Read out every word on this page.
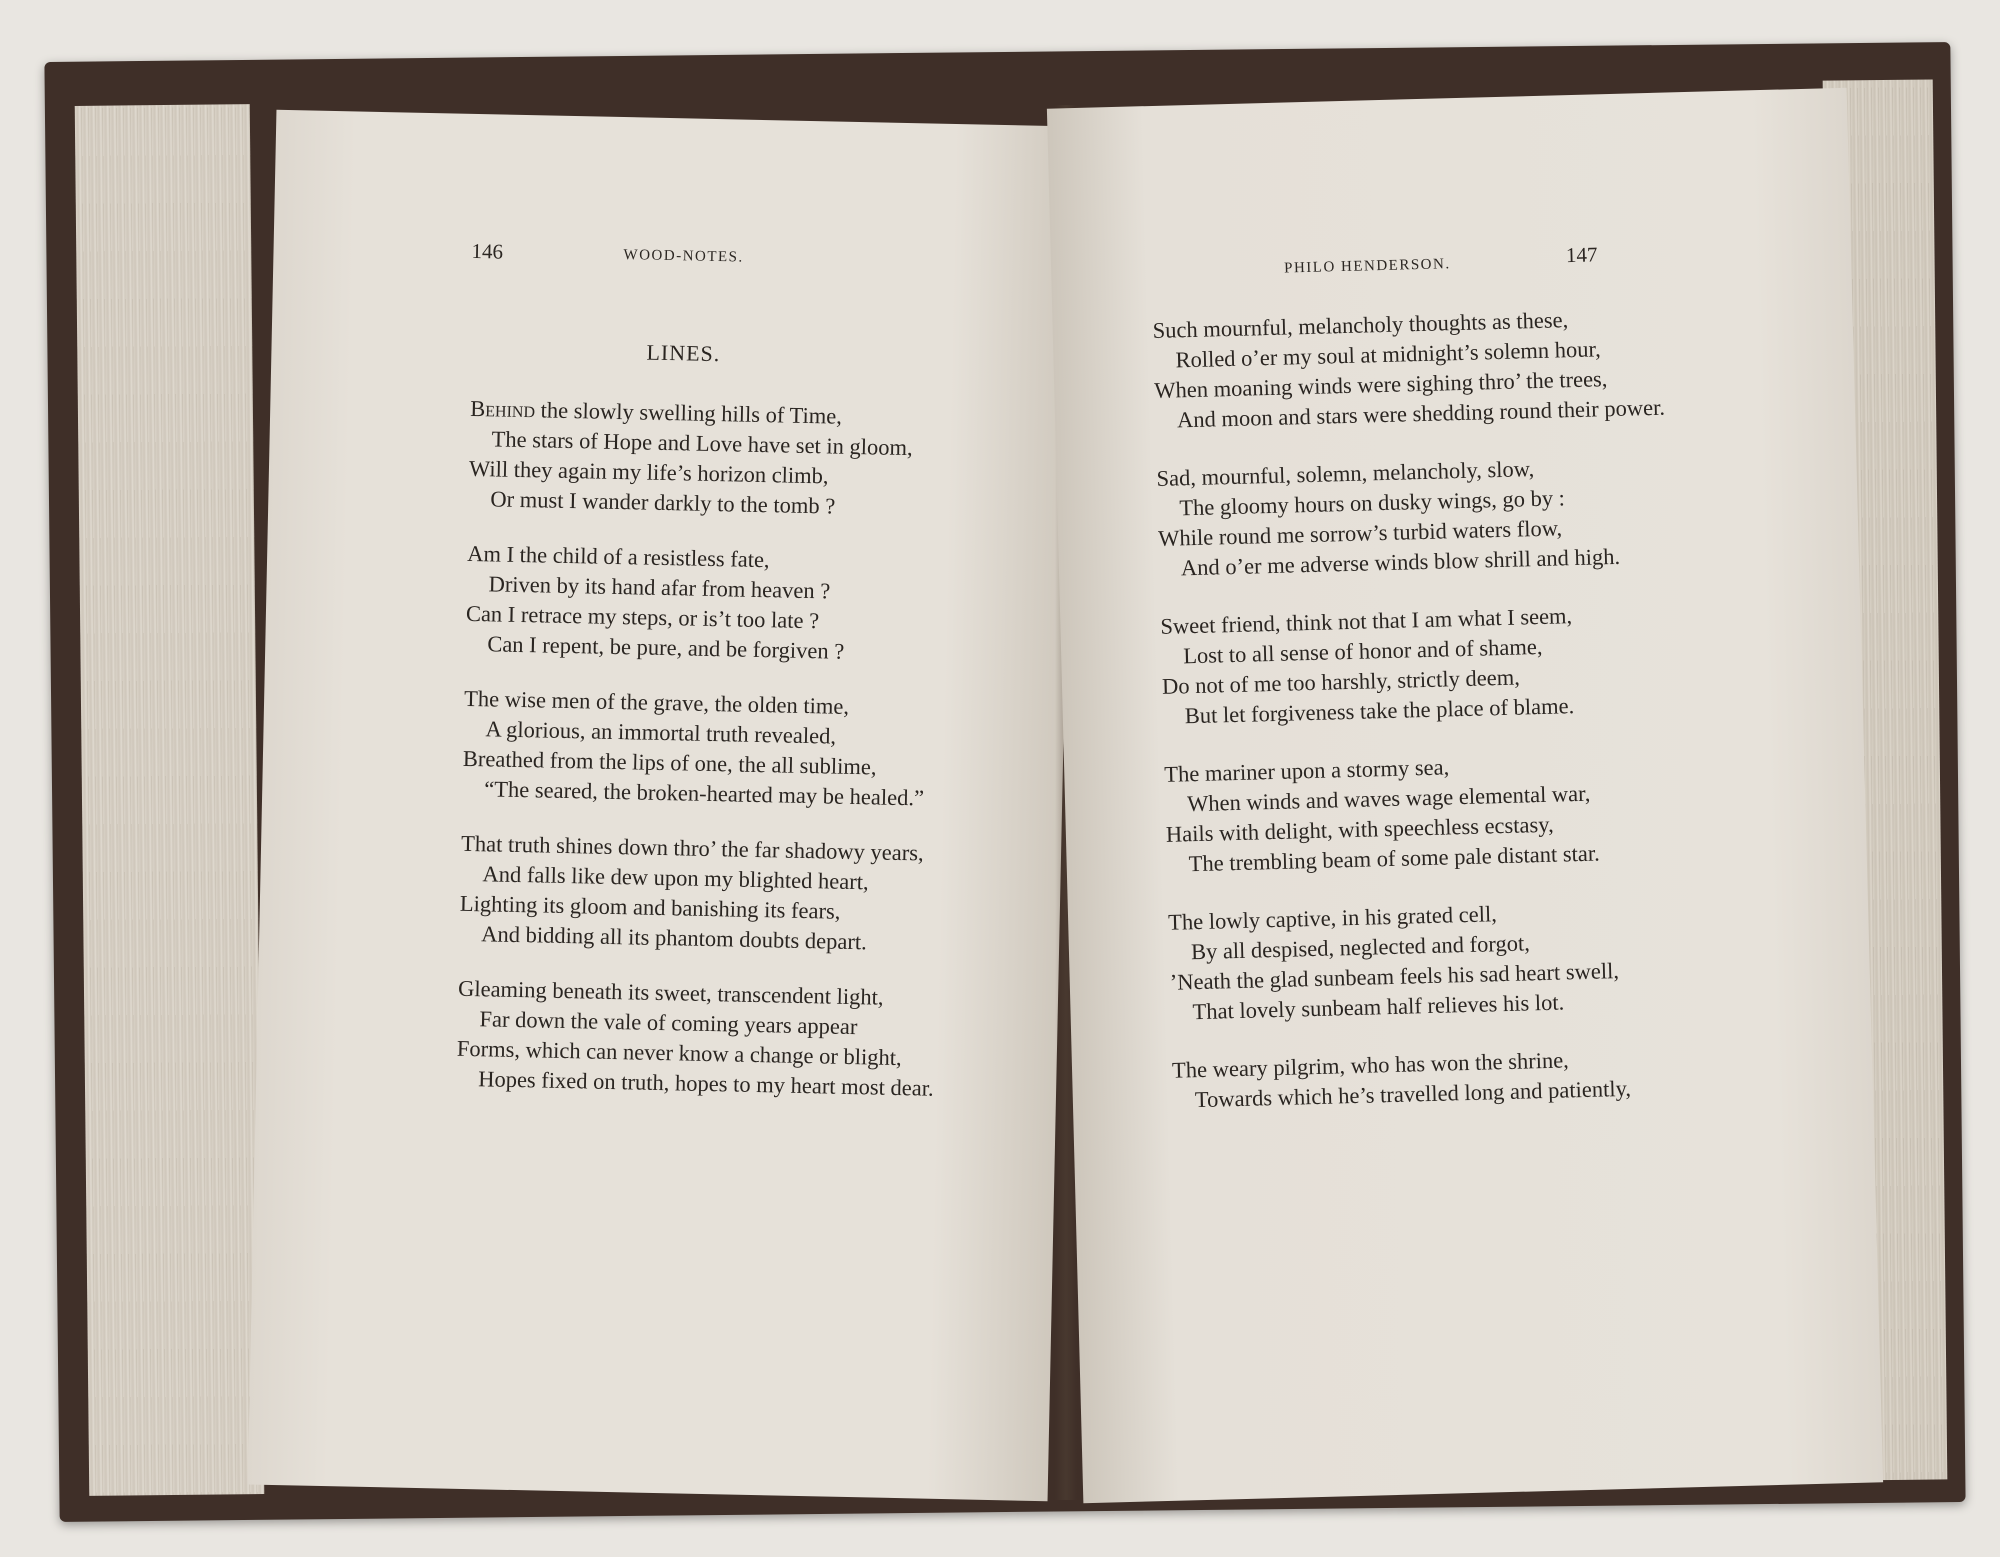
146	WOOD-NOTES.
LINES.
Behind the slowly swelling hills of Time,
The stars of Hope and Love have set in gloom,
Will they again my life’s horizon climb,
Or must I wander darkly to the tomb ?
Am I the child of a resistless fate,
Driven by its hand afar from heaven ?
Can I retrace my steps, or is’t too late ?
Can I repent, be pure, and be forgiven ?
The wise men of the grave, the olden time,
A glorious, an immortal truth revealed,
Breathed from the lips of one, the all sublime,
“The seared, the broken-hearted may be healed.”
That truth shines down thro’ the far shadowy years,
And falls like dew upon my blighted heart,
Lighting its gloom and banishing its fears,
And bidding all its phantom doubts depart.
Gleaming beneath its sweet, transcendent light,
Far down the vale of coming years appear
Forms, which can never know a change or blight,
Hopes fixed on truth, hopes to my heart most dear.
PHILO HENDERSON.	147
Such mournful, melancholy thoughts as these,
Rolled o’er my soul at midnight’s solemn hour,
When moaning winds were sighing thro’ the trees,
And moon and stars were shedding round their power.
Sad, mournful, solemn, melancholy, slow,
The gloomy hours on dusky wings, go by :
While round me sorrow’s turbid waters flow,
And o’er me adverse winds blow shrill and high.
Sweet friend, think not that I am what I seem,
Lost to all sense of honor and of shame,
Do not of me too harshly, strictly deem,
But let forgiveness take the place of blame.
The mariner upon a stormy sea,
When winds and waves wage elemental war,
Hails with delight, with speechless ecstasy,
The trembling beam of some pale distant star.
The lowly captive, in his grated cell,
By all despised, neglected and forgot,
’Neath the glad sunbeam feels his sad heart swell,
That lovely sunbeam half relieves his lot.
The weary pilgrim, who has won the shrine,
Towards which he’s travelled long and patiently,
